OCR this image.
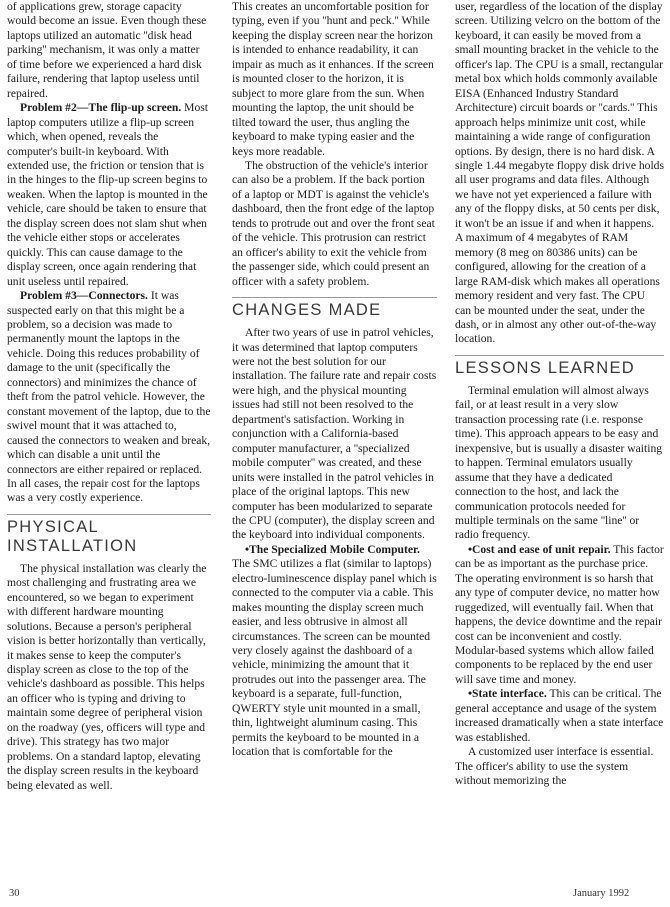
of applications grew, storage capacity would become an issue. Even though these laptops utilized an automatic ''disk head parking'' mechanism, it was only a matter of time before we experienced a hard disk failure, rendering that laptop useless until repaired.

Problem #2—The flip-up screen. Most laptop computers utilize a flip-up screen which, when opened, reveals the computer's built-in keyboard. With extended use, the friction or tension that is in the hinges to the flip-up screen begins to weaken. When the laptop is mounted in the vehicle, care should be taken to ensure that the display screen does not slam shut when the vehicle either stops or accelerates quickly. This can cause damage to the display screen, once again rendering that unit useless until repaired.

Problem #3—Connectors. It was suspected early on that this might be a problem, so a decision was made to permanently mount the laptops in the vehicle. Doing this reduces probability of damage to the unit (specifically the connectors) and minimizes the chance of theft from the patrol vehicle. However, the constant movement of the laptop, due to the swivel mount that it was attached to, caused the connectors to weaken and break, which can disable a unit until the connectors are either repaired or replaced. In all cases, the repair cost for the laptops was a very costly experience.

PHYSICAL INSTALLATION

The physical installation was clearly the most challenging and frustrating area we encountered, so we began to experiment with different hardware mounting solutions. Because a person's peripheral vision is better horizontally than vertically, it makes sense to keep the computer's display screen as close to the top of the vehicle's dashboard as possible. This helps an officer who is typing and driving to maintain some degree of peripheral vision on the roadway (yes, officers will type and drive). This strategy has two major problems. On a standard laptop, elevating the display screen results in the keyboard being elevated as well.

This creates an uncomfortable position for typing, even if you ''hunt and peck.'' While keeping the display screen near the horizon is intended to enhance readability, it can impair as much as it enhances. If the screen is mounted closer to the horizon, it is subject to more glare from the sun. When mounting the laptop, the unit should be tilted toward the user, thus angling the keyboard to make typing easier and the keys more readable.

The obstruction of the vehicle's interior can also be a problem. If the back portion of a laptop or MDT is against the vehicle's dashboard, then the front edge of the laptop tends to protrude out and over the front seat of the vehicle. This protrusion can restrict an officer's ability to exit the vehicle from the passenger side, which could present an officer with a safety problem.

CHANGES MADE

After two years of use in patrol vehicles, it was determined that laptop computers were not the best solution for our installation. The failure rate and repair costs were high, and the physical mounting issues had still not been resolved to the department's satisfaction. Working in conjunction with a California-based computer manufacturer, a ''specialized mobile computer'' was created, and these units were installed in the patrol vehicles in place of the original laptops. This new computer has been modularized to separate the CPU (computer), the display screen and the keyboard into individual components.

•The Specialized Mobile Computer. The SMC utilizes a flat (similar to laptops) electro-luminescence display panel which is connected to the computer via a cable. This makes mounting the display screen much easier, and less obtrusive in almost all circumstances. The screen can be mounted very closely against the dashboard of a vehicle, minimizing the amount that it protrudes out into the passenger area. The keyboard is a separate, full-function, QWERTY style unit mounted in a small, thin, lightweight aluminum casing. This permits the keyboard to be mounted in a location that is comfortable for the

user, regardless of the location of the display screen. Utilizing velcro on the bottom of the keyboard, it can easily be moved from a small mounting bracket in the vehicle to the officer's lap. The CPU is a small, rectangular metal box which holds commonly available EISA (Enhanced Industry Standard Architecture) circuit boards or ''cards.'' This approach helps minimize unit cost, while maintaining a wide range of configuration options. By design, there is no hard disk. A single 1.44 megabyte floppy disk drive holds all user programs and data files. Although we have not yet experienced a failure with any of the floppy disks, at 50 cents per disk, it won't be an issue if and when it happens. A maximum of 4 megabytes of RAM memory (8 meg on 80386 units) can be configured, allowing for the creation of a large RAM-disk which makes all operations memory resident and very fast. The CPU can be mounted under the seat, under the dash, or in almost any other out-of-the-way location.

LESSONS LEARNED

Terminal emulation will almost always fail, or at least result in a very slow transaction processing rate (i.e. response time). This approach appears to be easy and inexpensive, but is usually a disaster waiting to happen. Terminal emulators usually assume that they have a dedicated connection to the host, and lack the communication protocols needed for multiple terminals on the same ''line'' or radio frequency.

•Cost and ease of unit repair. This factor can be as important as the purchase price. The operating environment is so harsh that any type of computer device, no matter how ruggedized, will eventually fail. When that happens, the device downtime and the repair cost can be inconvenient and costly. Modular-based systems which allow failed components to be replaced by the end user will save time and money.

•State interface. This can be critical. The general acceptance and usage of the system increased dramatically when a state interface was established.

A customized user interface is essential. The officer's ability to use the system without memorizing the

30	January 1992
